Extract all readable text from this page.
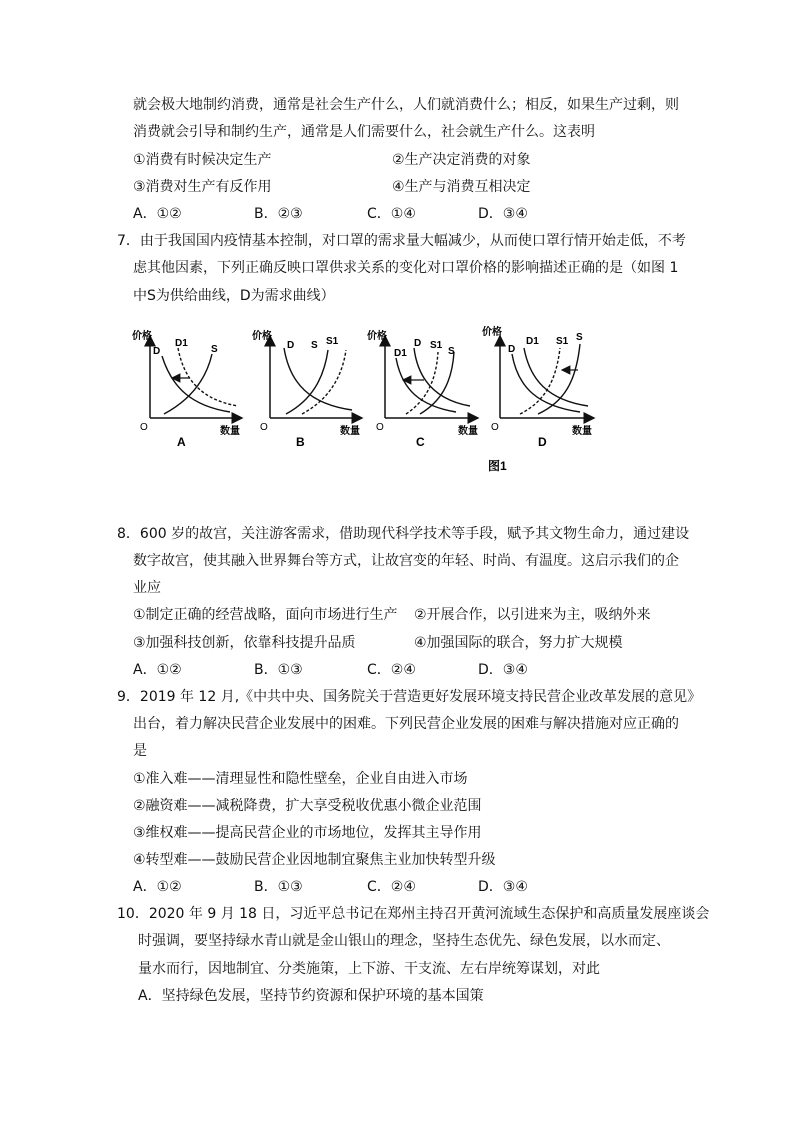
就会极大地制约消费，通常是社会生产什么，人们就消费什么；相反，如果生产过剩，则
消费就会引导和制约生产，通常是人们需要什么，社会就生产什么。这表明
①消费有时候决定生产	②生产决定消费的对象
③消费对生产有反作用	④生产与消费互相决定
A．①②	B．②③	C．①④	D．③④
7．由于我国国内疫情基本控制，对口罩的需求量大幅减少，从而使口罩行情开始走低，不考
虑其他因素，下列正确反映口罩供求关系的变化对口罩价格的影响描述正确的是（如图 1
中S为供给曲线，D为需求曲线）
价格
数量
O
A
D
D1
S
价格
数量
O
B
D S S1	价格
数量
O
C
D1
D S1
S
价格
数量
O
D
D
D1 S1 S
图1
8．600 岁的故宫，关注游客需求，借助现代科学技术等手段，赋予其文物生命力，通过建设
数字故宫，使其融入世界舞台等方式，让故宫变的年轻、时尚、有温度。这启示我们的企
业应
①制定正确的经营战略，面向市场进行生产 ②开展合作，以引进来为主，吸纳外来
③加强科技创新，依靠科技提升品质	④加强国际的联合，努力扩大规模
A．①②	B．①③	C．②④	D．③④
9．2019 年 12 月,《中共中央、国务院关于营造更好发展环境支持民营企业改革发展的意见》
出台，着力解决民营企业发展中的困难。下列民营企业发展的困难与解决措施对应正确的
是
①准入难——清理显性和隐性壁垒，企业自由进入市场
②融资难——减税降费，扩大享受税收优惠小微企业范围
③维权难——提高民营企业的市场地位，发挥其主导作用
④转型难——鼓励民营企业因地制宜聚焦主业加快转型升级
A．①②	B．①③	C．②④	D．③④
10．2020 年 9 月 18 日，习近平总书记在郑州主持召开黄河流域生态保护和高质量发展座谈会
时强调，要坚持绿水青山就是金山银山的理念，坚持生态优先、绿色发展，以水而定、
量水而行，因地制宜、分类施策，上下游、干支流、左右岸统筹谋划，对此
A．坚持绿色发展，坚持节约资源和保护环境的基本国策
